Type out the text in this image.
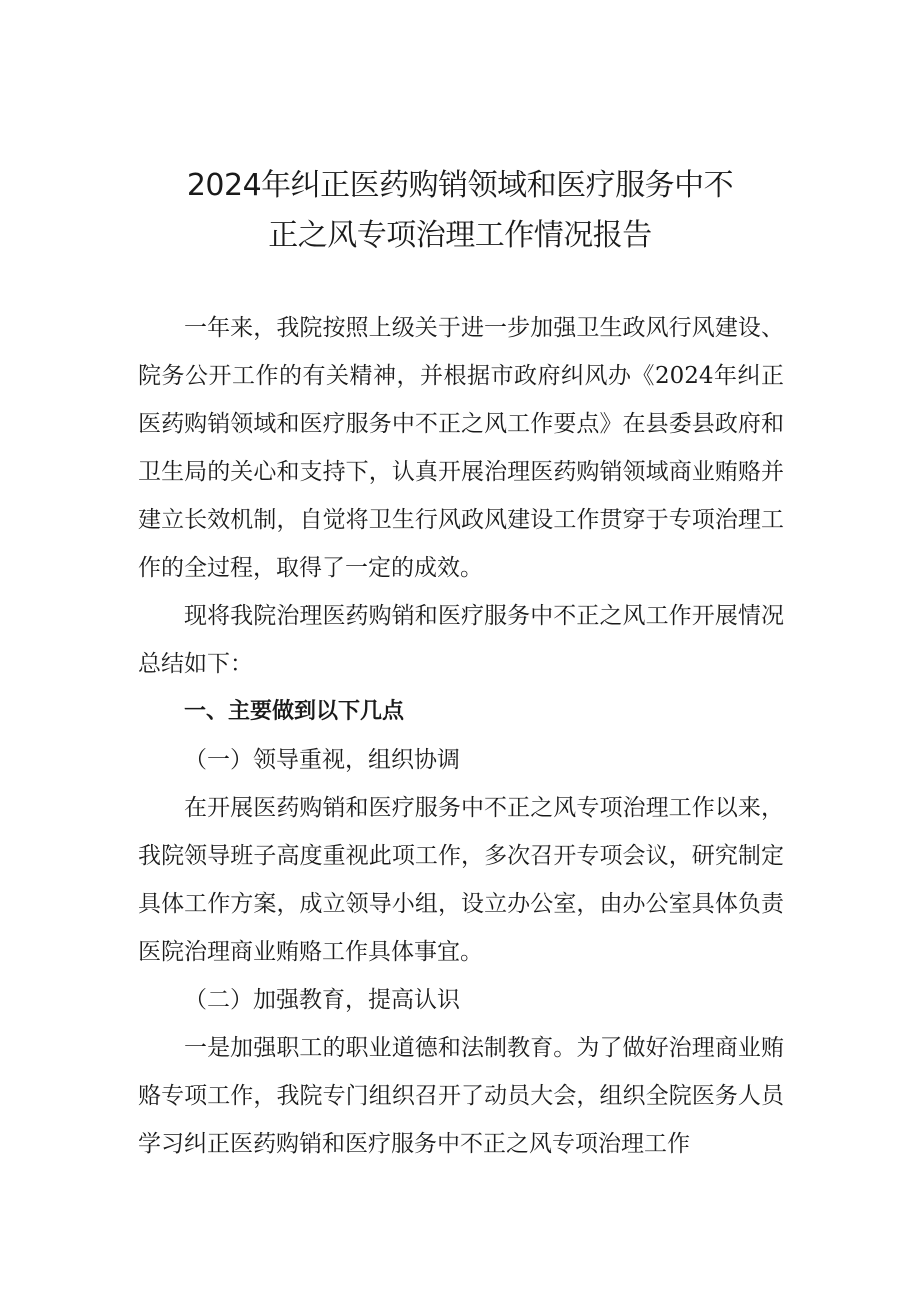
2024年纠正医药购销领域和医疗服务中不
正之风专项治理工作情况报告

一年来，我院按照上级关于进一步加强卫生政风行风建设、院务公开工作的有关精神，并根据市政府纠风办《2024年纠正医药购销领域和医疗服务中不正之风工作要点》在县委县政府和卫生局的关心和支持下，认真开展治理医药购销领域商业贿赂并建立长效机制，自觉将卫生行风政风建设工作贯穿于专项治理工作的全过程，取得了一定的成效。

现将我院治理医药购销和医疗服务中不正之风工作开展情况总结如下：

一、主要做到以下几点

（一）领导重视，组织协调

在开展医药购销和医疗服务中不正之风专项治理工作以来，我院领导班子高度重视此项工作，多次召开专项会议，研究制定具体工作方案，成立领导小组，设立办公室，由办公室具体负责医院治理商业贿赂工作具体事宜。

（二）加强教育，提高认识

一是加强职工的职业道德和法制教育。为了做好治理商业贿赂专项工作，我院专门组织召开了动员大会，组织全院医务人员学习纠正医药购销和医疗服务中不正之风专项治理工作
